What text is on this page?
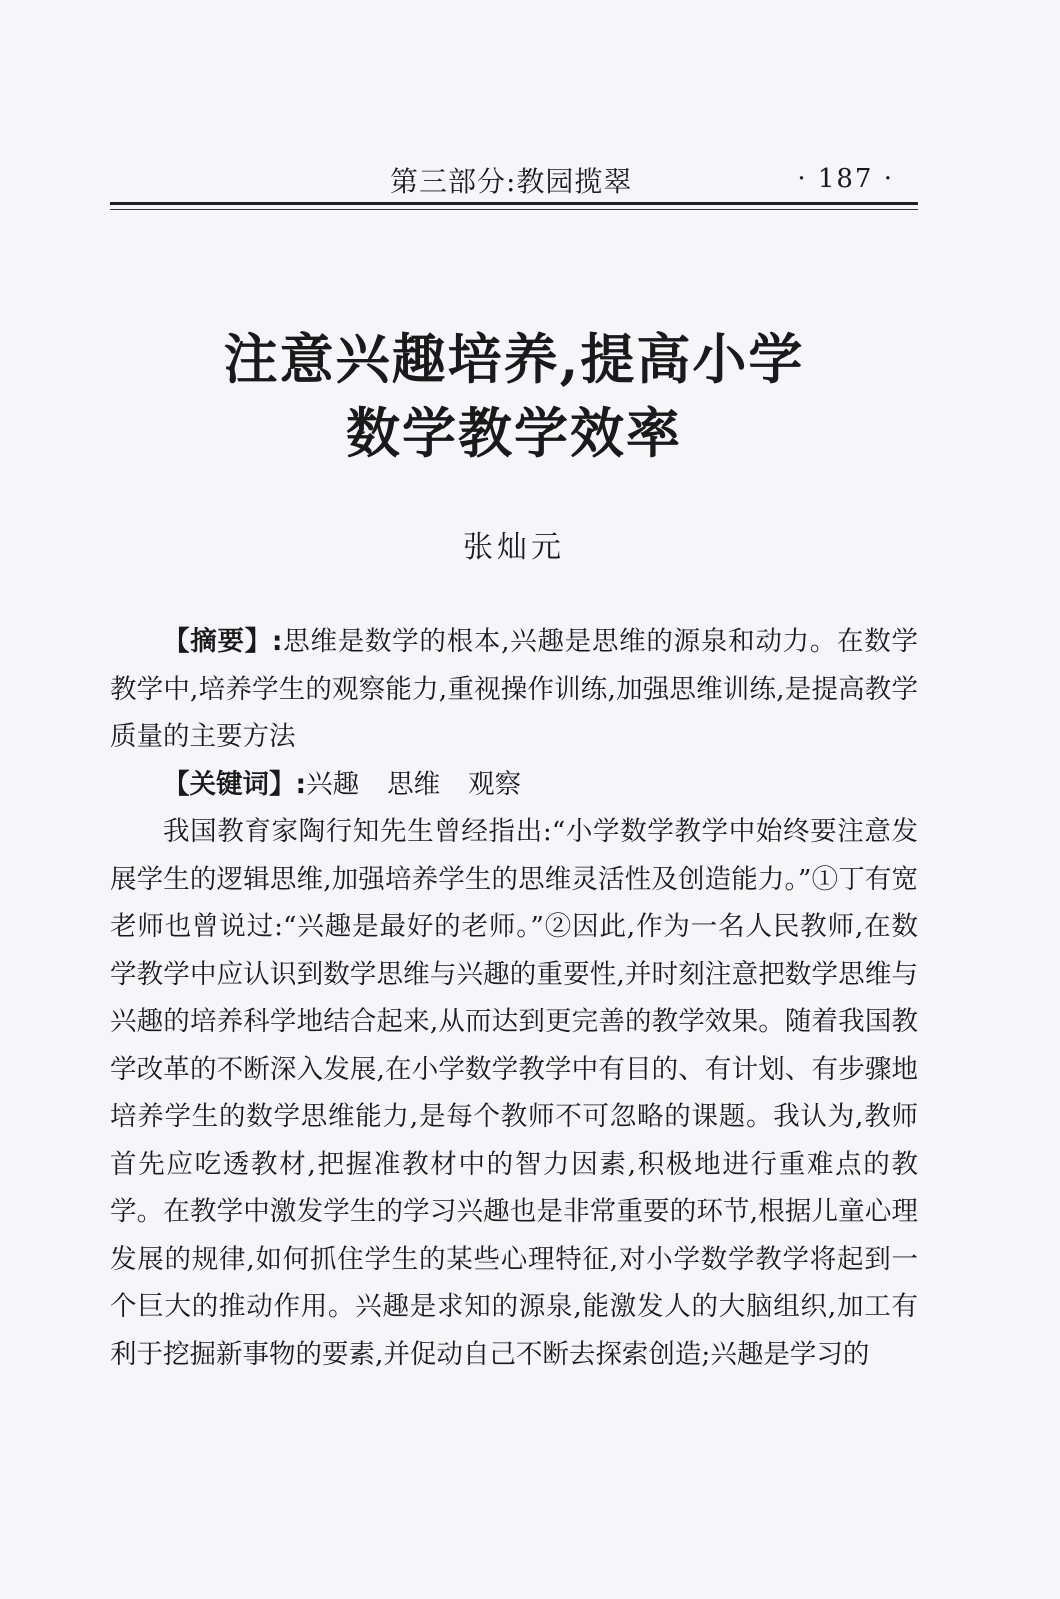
第三部分:教园揽翠	· 187 ·
注意兴趣培养,提高小学
数学教学效率
张灿元

【摘要】:思维是数学的根本,兴趣是思维的源泉和动力。在数学教学中,培养学生的观察能力,重视操作训练,加强思维训练,是提高教学质量的主要方法

【关键词】:兴趣 思维 观察

我国教育家陶行知先生曾经指出:“小学数学教学中始终要注意发展学生的逻辑思维,加强培养学生的思维灵活性及创造能力。”①丁有宽老师也曾说过:“兴趣是最好的老师。”②因此,作为一名人民教师,在数学教学中应认识到数学思维与兴趣的重要性,并时刻注意把数学思维与兴趣的培养科学地结合起来,从而达到更完善的教学效果。随着我国教学改革的不断深入发展,在小学数学教学中有目的、有计划、有步骤地培养学生的数学思维能力,是每个教师不可忽略的课题。我认为,教师首先应吃透教材,把握准教材中的智力因素,积极地进行重难点的教学。在教学中激发学生的学习兴趣也是非常重要的环节,根据儿童心理发展的规律,如何抓住学生的某些心理特征,对小学数学教学将起到一个巨大的推动作用。兴趣是求知的源泉,能激发人的大脑组织,加工有利于挖掘新事物的要素,并促动自己不断去探索创造;兴趣是学习的
